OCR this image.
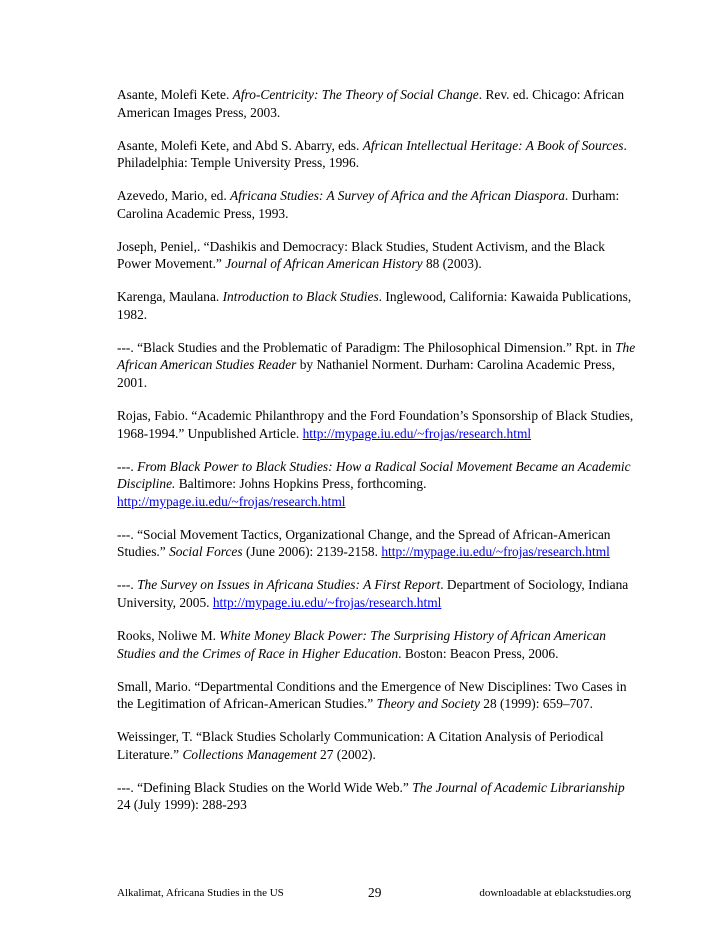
Asante, Molefi Kete. Afro-Centricity: The Theory of Social Change. Rev. ed. Chicago: African American Images Press, 2003.

Asante, Molefi Kete, and Abd S. Abarry, eds. African Intellectual Heritage: A Book of Sources. Philadelphia: Temple University Press, 1996.

Azevedo, Mario, ed. Africana Studies: A Survey of Africa and the African Diaspora. Durham: Carolina Academic Press, 1993.

Joseph, Peniel,. “Dashikis and Democracy: Black Studies, Student Activism, and the Black Power Movement.” Journal of African American History 88 (2003).

Karenga, Maulana. Introduction to Black Studies. Inglewood, California: Kawaida Publications, 1982.

---. “Black Studies and the Problematic of Paradigm: The Philosophical Dimension.” Rpt. in The African American Studies Reader by Nathaniel Norment. Durham: Carolina Academic Press, 2001.

Rojas, Fabio. “Academic Philanthropy and the Ford Foundation’s Sponsorship of Black Studies, 1968-1994.” Unpublished Article. http://mypage.iu.edu/~frojas/research.html

---. From Black Power to Black Studies: How a Radical Social Movement Became an Academic Discipline. Baltimore: Johns Hopkins Press, forthcoming. http://mypage.iu.edu/~frojas/research.html

---. “Social Movement Tactics, Organizational Change, and the Spread of African-American Studies.” Social Forces (June 2006): 2139-2158. http://mypage.iu.edu/~frojas/research.html

---. The Survey on Issues in Africana Studies: A First Report. Department of Sociology, Indiana University, 2005. http://mypage.iu.edu/~frojas/research.html

Rooks, Noliwe M. White Money Black Power: The Surprising History of African American Studies and the Crimes of Race in Higher Education. Boston: Beacon Press, 2006.

Small, Mario. “Departmental Conditions and the Emergence of New Disciplines: Two Cases in the Legitimation of African-American Studies.” Theory and Society 28 (1999): 659–707.

Weissinger, T. “Black Studies Scholarly Communication: A Citation Analysis of Periodical Literature.” Collections Management 27 (2002).

---. “Defining Black Studies on the World Wide Web.” The Journal of Academic Librarianship 24 (July 1999): 288-293

Alkalimat, Africana Studies in the US	29	downloadable at eblackstudies.org
